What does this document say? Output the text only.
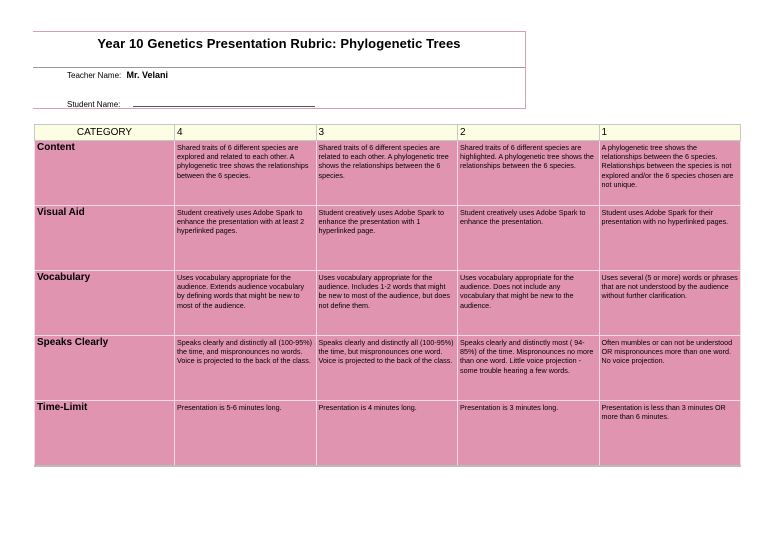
Year 10 Genetics Presentation Rubric: Phylogenetic Trees
Teacher Name: Mr. Velani
Student Name:
CATEGORY	4	3	2	1
Content	Shared traits of 6 different species are explored and related to each other. A phylogenetic tree shows the relationships between the 6 species.	Shared traits of 6 different species are related to each other. A phylogenetic tree shows the relationships between the 6 species.	Shared traits of 6 different species are highlighted. A phylogenetic tree shows the relationships between the 6 species.	A phylogenetic tree shows the relationships between the 6 species. Relationships between the species is not explored and/or the 6 species chosen are not unique.
Visual Aid	Student creatively uses Adobe Spark to enhance the presentation with at least 2 hyperlinked pages.	Student creatively uses Adobe Spark to enhance the presentation with 1 hyperlinked page.	Student creatively uses Adobe Spark to enhance the presentation.	Student uses Adobe Spark for their presentation with no hyperlinked pages.
Vocabulary	Uses vocabulary appropriate for the audience. Extends audience vocabulary by defining words that might be new to most of the audience.	Uses vocabulary appropriate for the audience. Includes 1-2 words that might be new to most of the audience, but does not define them.	Uses vocabulary appropriate for the audience. Does not include any vocabulary that might be new to the audience.	Uses several (5 or more) words or phrases that are not understood by the audience without further clarification.
Speaks Clearly	Speaks clearly and distinctly all (100-95%) the time, and mispronounces no words. Voice is projected to the back of the class.	Speaks clearly and distinctly all (100-95%) the time, but mispronounces one word. Voice is projected to the back of the class.	Speaks clearly and distinctly most ( 94-85%) of the time. Mispronounces no more than one word. Little voice projection - some trouble hearing a few words.	Often mumbles or can not be understood OR mispronounces more than one word. No voice projection.
Time-Limit	Presentation is 5-6 minutes long.	Presentation is 4 minutes long.	Presentation is 3 minutes long.	Presentation is less than 3 minutes OR more than 6 minutes.
